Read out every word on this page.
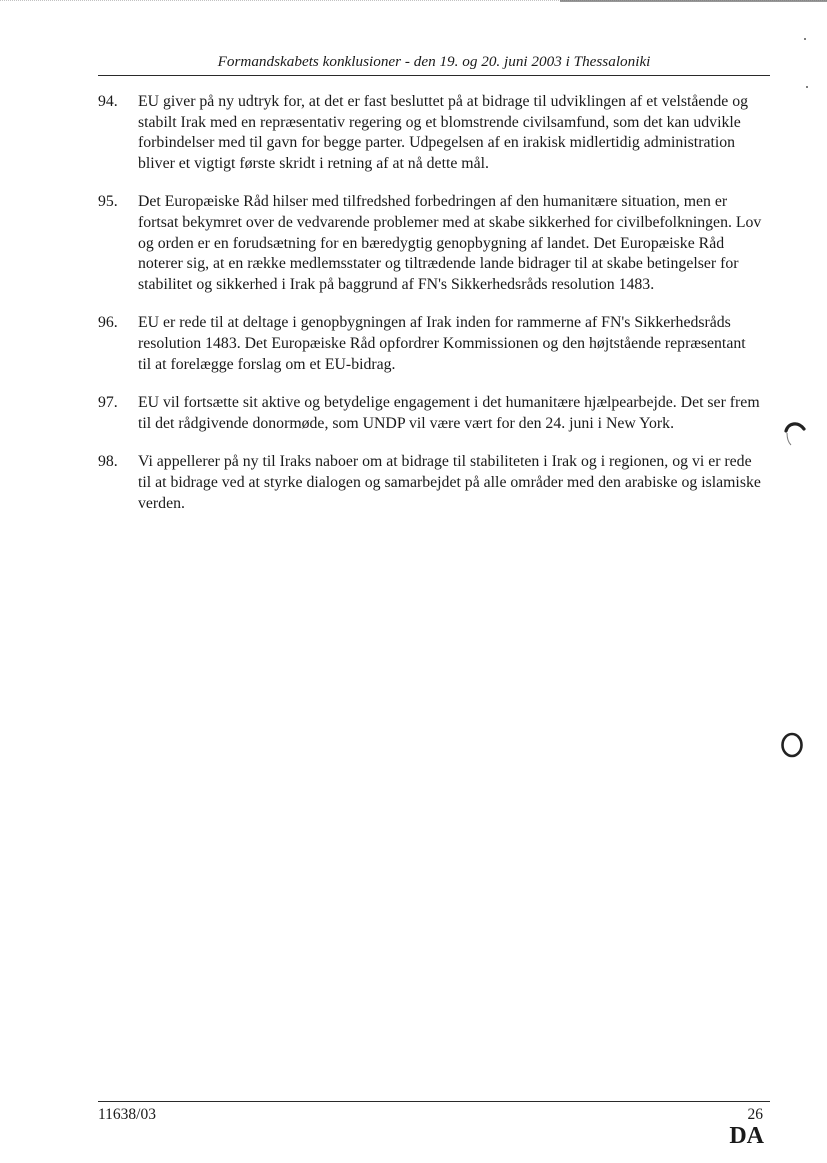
Formandskabets konklusioner - den 19. og 20. juni 2003 i Thessaloniki
94.	EU giver på ny udtryk for, at det er fast besluttet på at bidrage til udviklingen af et velstående og stabilt Irak med en repræsentativ regering og et blomstrende civilsamfund, som det kan udvikle forbindelser med til gavn for begge parter. Udpegelsen af en irakisk midlertidig administration bliver et vigtigt første skridt i retning af at nå dette mål.
95.	Det Europæiske Råd hilser med tilfredshed forbedringen af den humanitære situation, men er fortsat bekymret over de vedvarende problemer med at skabe sikkerhed for civilbefolkningen. Lov og orden er en forudsætning for en bæredygtig genopbygning af landet. Det Europæiske Råd noterer sig, at en række medlemsstater og tiltrædende lande bidrager til at skabe betingelser for stabilitet og sikkerhed i Irak på baggrund af FN's Sikkerhedsråds resolution 1483.
96.	EU er rede til at deltage i genopbygningen af Irak inden for rammerne af FN's Sikkerhedsråds resolution 1483. Det Europæiske Råd opfordrer Kommissionen og den højtstående repræsentant til at forelægge forslag om et EU-bidrag.
97.	EU vil fortsætte sit aktive og betydelige engagement i det humanitære hjælpearbejde. Det ser frem til det rådgivende donormøde, som UNDP vil være vært for den 24. juni i New York.
98.	Vi appellerer på ny til Iraks naboer om at bidrage til stabiliteten i Irak og i regionen, og vi er rede til at bidrage ved at styrke dialogen og samarbejdet på alle områder med den arabiske og islamiske verden.
11638/03	26
DA
